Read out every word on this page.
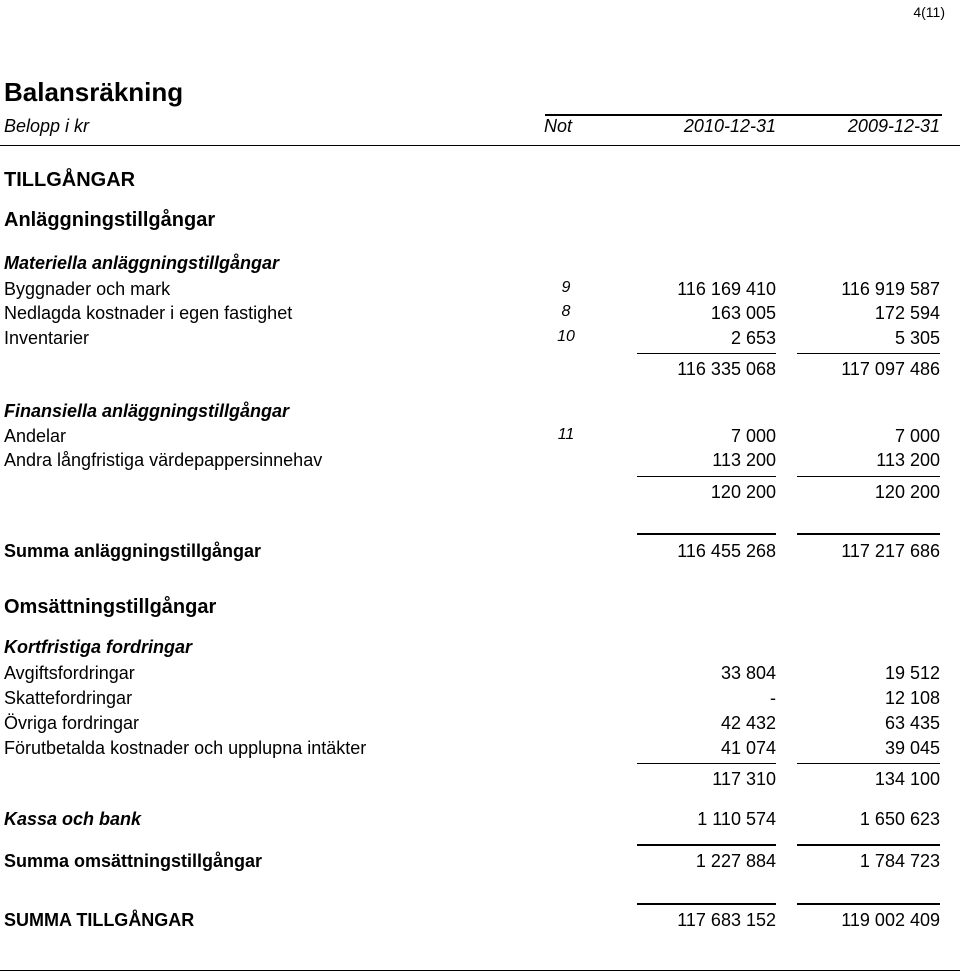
4(11)
Balansräkning
Belopp i kr	Not	2010-12-31	2009-12-31
TILLGÅNGAR
Anläggningstillgångar
Materiella anläggningstillgångar
Byggnader och mark	9	116 169 410	116 919 587
Nedlagda kostnader i egen fastighet	8	163 005	172 594
Inventarier	10	2 653	5 305
116 335 068	117 097 486
Finansiella anläggningstillgångar
Andelar	11	7 000	7 000
Andra långfristiga värdepappersinnehav	113 200	113 200
120 200	120 200
Summa anläggningstillgångar	116 455 268	117 217 686
Omsättningstillgångar
Kortfristiga fordringar
Avgiftsfordringar	33 804	19 512
Skattefordringar	-	12 108
Övriga fordringar	42 432	63 435
Förutbetalda kostnader och upplupna intäkter	41 074	39 045
117 310	134 100
Kassa och bank	1 110 574	1 650 623
Summa omsättningstillgångar	1 227 884	1 784 723
SUMMA TILLGÅNGAR	117 683 152	119 002 409
